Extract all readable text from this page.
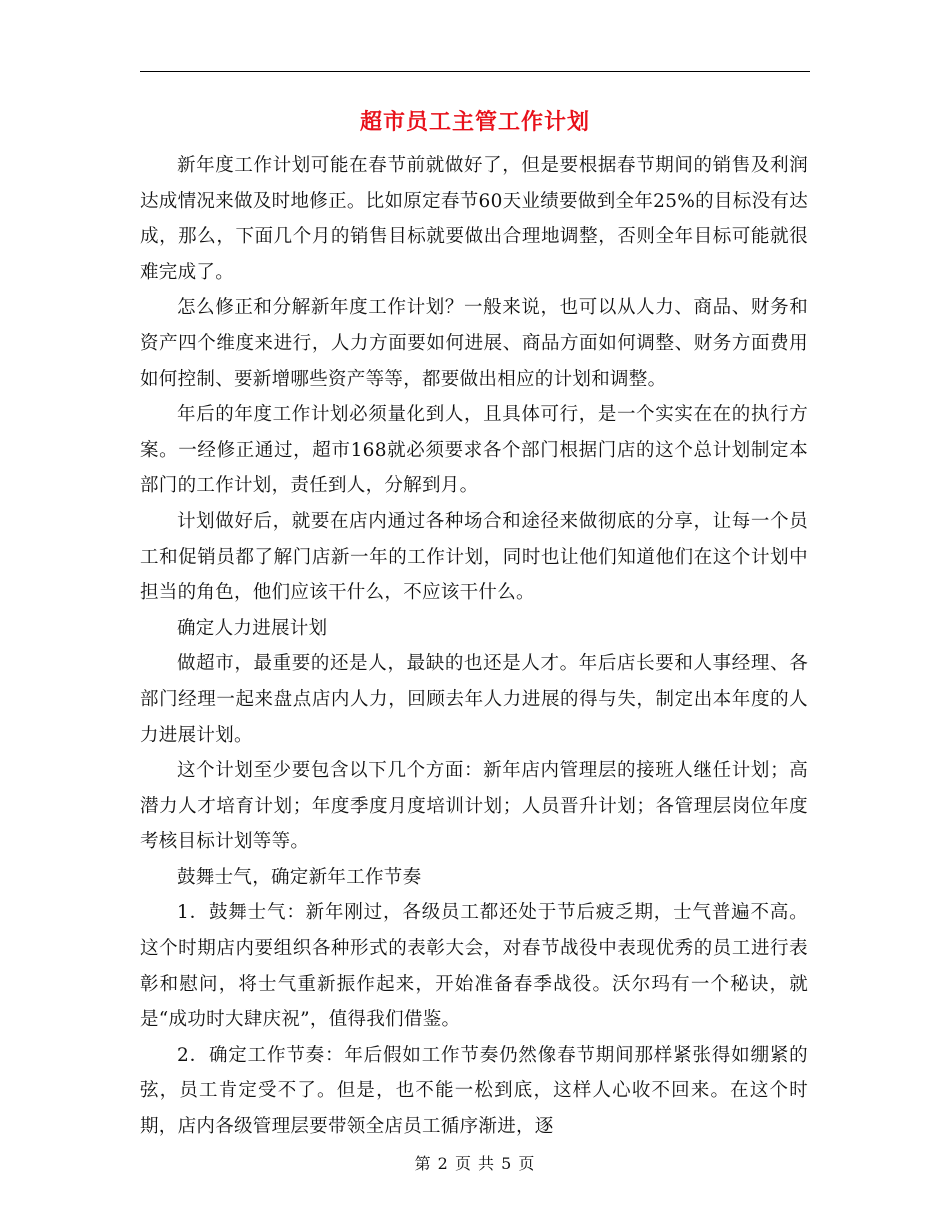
超市员工主管工作计划

新年度工作计划可能在春节前就做好了，但是要根据春节期间的销售及利润达成情况来做及时地修正。比如原定春节60天业绩要做到全年25%的目标没有达成，那么，下面几个月的销售目标就要做出合理地调整，否则全年目标可能就很难完成了。

怎么修正和分解新年度工作计划？一般来说，也可以从人力、商品、财务和资产四个维度来进行，人力方面要如何进展、商品方面如何调整、财务方面费用如何控制、要新增哪些资产等等，都要做出相应的计划和调整。

年后的年度工作计划必须量化到人，且具体可行，是一个实实在在的执行方案。一经修正通过，超市168就必须要求各个部门根据门店的这个总计划制定本部门的工作计划，责任到人，分解到月。

计划做好后，就要在店内通过各种场合和途径来做彻底的分享，让每一个员工和促销员都了解门店新一年的工作计划，同时也让他们知道他们在这个计划中担当的角色，他们应该干什么，不应该干什么。

确定人力进展计划

做超市，最重要的还是人，最缺的也还是人才。年后店长要和人事经理、各部门经理一起来盘点店内人力，回顾去年人力进展的得与失，制定出本年度的人力进展计划。

这个计划至少要包含以下几个方面：新年店内管理层的接班人继任计划；高潜力人才培育计划；年度季度月度培训计划；人员晋升计划；各管理层岗位年度考核目标计划等等。

鼓舞士气，确定新年工作节奏

1．鼓舞士气：新年刚过，各级员工都还处于节后疲乏期，士气普遍不高。这个时期店内要组织各种形式的表彰大会，对春节战役中表现优秀的员工进行表彰和慰问，将士气重新振作起来，开始准备春季战役。沃尔玛有一个秘诀，就是“成功时大肆庆祝”，值得我们借鉴。

2．确定工作节奏：年后假如工作节奏仍然像春节期间那样紧张得如绷紧的弦，员工肯定受不了。但是，也不能一松到底，这样人心收不回来。在这个时期，店内各级管理层要带领全店员工循序渐进，逐

第 2 页 共 5 页
